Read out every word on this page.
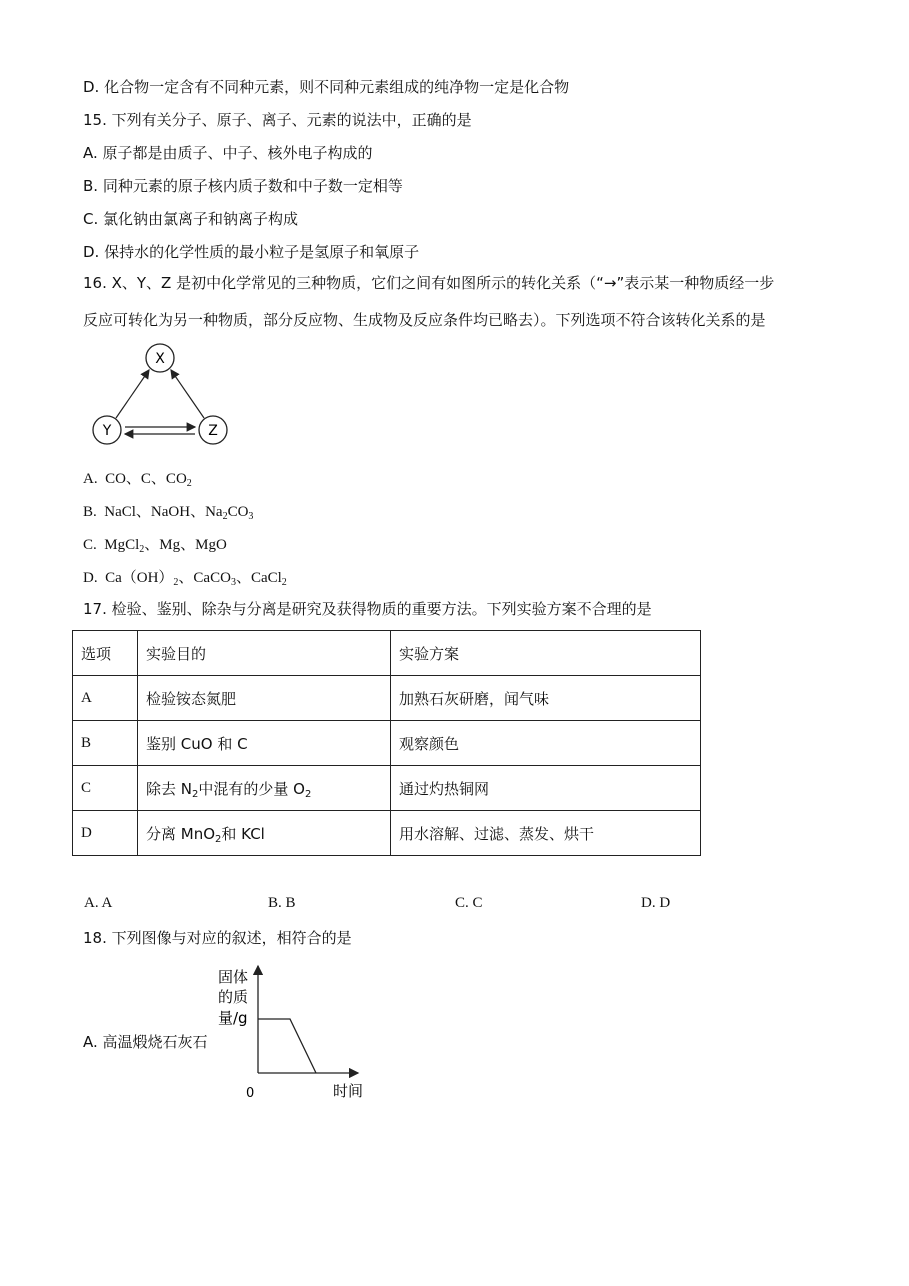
D. 化合物一定含有不同种元素，则不同种元素组成的纯净物一定是化合物
15. 下列有关分子、原子、离子、元素的说法中，正确的是
A. 原子都是由质子、中子、核外电子构成的
B. 同种元素的原子核内质子数和中子数一定相等
C. 氯化钠由氯离子和钠离子构成
D. 保持水的化学性质的最小粒子是氢原子和氧原子
16. X、Y、Z 是初中化学常见的三种物质，它们之间有如图所示的转化关系（“→”表示某一种物质经一步
反应可转化为另一种物质，部分反应物、生成物及反应条件均已略去）。下列选项不符合该转化关系的是
X
Y	Z
A. CO、C、$CO_2$
B. NaCl、NaOH、$Na_2CO_3$
C. MgCl$_2$、Mg、MgO
D. $Ca(OH)_2$、CaCO$_3$、CaCl$_2$
17. 检验、鉴别、除杂与分离是研究及获得物质的重要方法。下列实验方案不合理的是
选项	实验目的	实验方案
A	检验铵态氮肥	加熟石灰研磨，闻气味
B	鉴别 CuO 和 C	观察颜色
C	除去 $N_2$中混有的少量 $O_2$	通过灼热铜网
D	分离 MnO$_2$和 KCl	用水溶解、过滤、蒸发、烘干
A. A	B. B	C. C	D. D
18. 下列图像与对应的叙述，相符合的是
A. 高温煅烧石灰石
固体
的质
量/g
0	时间
